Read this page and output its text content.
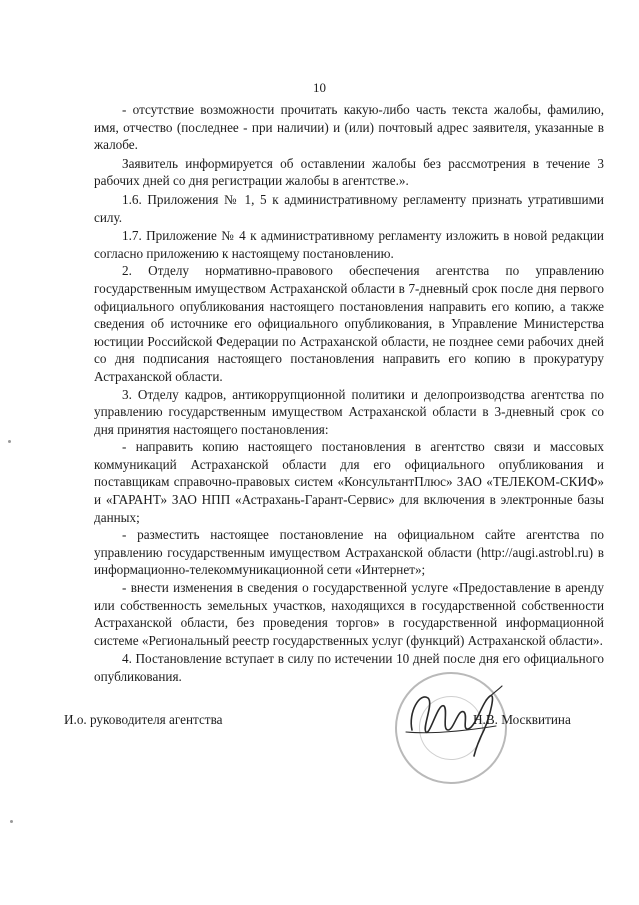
10

- отсутствие возможности прочитать какую-либо часть текста жалобы, фамилию, имя, отчество (последнее - при наличии) и (или) почтовый адрес заявителя, указанные в жалобе.

Заявитель информируется об оставлении жалобы без рассмотрения в течение 3 рабочих дней со дня регистрации жалобы в агентстве.».

1.6. Приложения № 1, 5 к административному регламенту признать утратившими силу.

1.7. Приложение № 4 к административному регламенту изложить в новой редакции согласно приложению к настоящему постановлению.

2. Отделу нормативно-правового обеспечения агентства по управлению государственным имуществом Астраханской области в 7-дневный срок после дня первого официального опубликования настоящего постановления направить его копию, а также сведения об источнике его официального опубликования, в Управление Министерства юстиции Российской Федерации по Астраханской области, не позднее семи рабочих дней со дня подписания настоящего постановления направить его копию в прокуратуру Астраханской области.

3. Отделу кадров, антикоррупционной политики и делопроизводства агентства по управлению государственным имуществом Астраханской области в 3-дневный срок со дня принятия настоящего постановления:

- направить копию настоящего постановления в агентство связи и массовых коммуникаций Астраханской области для его официального опубликования и поставщикам справочно-правовых систем «КонсультантПлюс» ЗАО «ТЕЛЕКОМ-СКИФ» и «ГАРАНТ» ЗАО НПП «Астрахань-Гарант-Сервис» для включения в электронные базы данных;

- разместить настоящее постановление на официальном сайте агентства по управлению государственным имуществом Астраханской области (http://augi.astrobl.ru) в информационно-телекоммуникационной сети «Интернет»;

- внести изменения в сведения о государственной услуге «Предоставление в аренду или собственность земельных участков, находящихся в государственной собственности Астраханской области, без проведения торгов» в государственной информационной системе «Региональный реестр государственных услуг (функций) Астраханской области».

4. Постановление вступает в силу по истечении 10 дней после дня его официального опубликования.

И.о. руководителя агентства	Н.В. Москвитина
